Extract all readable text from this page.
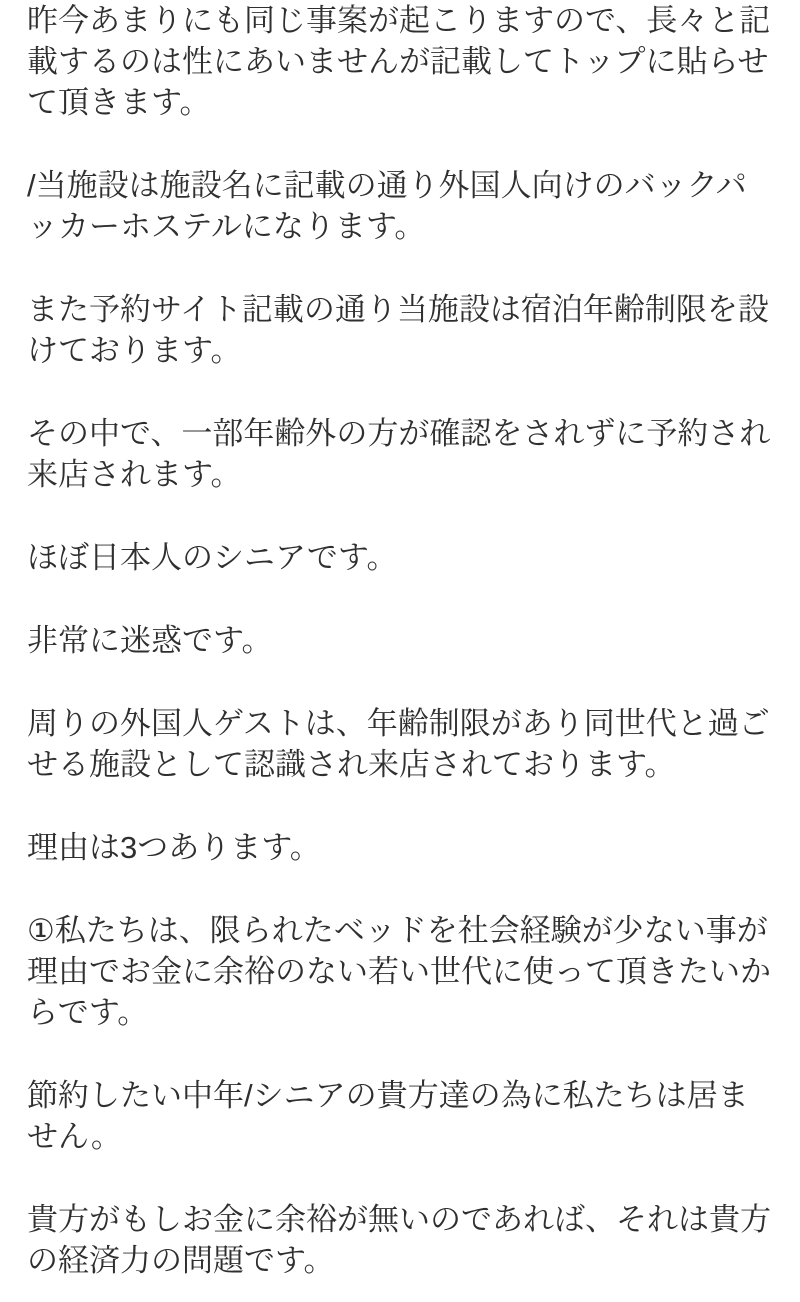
昨今あまりにも同じ事案が起こりますので、長々と記載するのは性にあいませんが記載してトップに貼らせて頂きます。

/当施設は施設名に記載の通り外国人向けのバックパッカーホステルになります。

また予約サイト記載の通り当施設は宿泊年齢制限を設けております。

その中で、一部年齢外の方が確認をされずに予約され来店されます。

ほぼ日本人のシニアです。

非常に迷惑です。

周りの外国人ゲストは、年齢制限があり同世代と過ごせる施設として認識され来店されております。

理由は3つあります。

①私たちは、限られたベッドを社会経験が少ない事が理由でお金に余裕のない若い世代に使って頂きたいからです。

節約したい中年/シニアの貴方達の為に私たちは居ません。

貴方がもしお金に余裕が無いのであれば、それは貴方の経済力の問題です。
